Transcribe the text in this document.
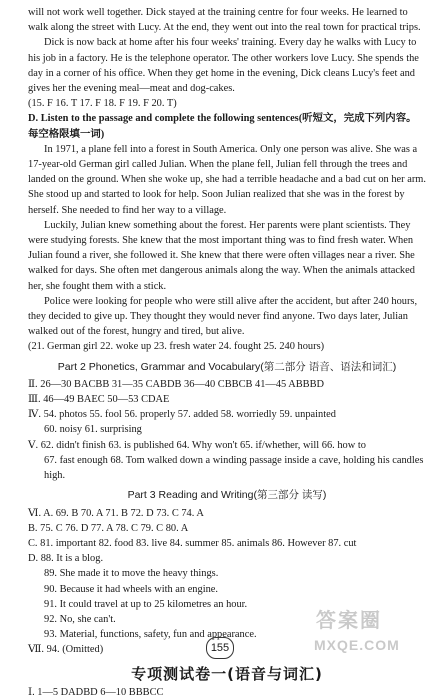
will not work well together. Dick stayed at the training centre for four weeks. He learned to walk along the street with Lucy. At the end, they went out into the real town for practical trips.

Dick is now back at home after his four weeks' training. Every day he walks with Lucy to his job in a factory. He is the telephone operator. The other workers love Lucy. She spends the day in a corner of his office. When they get home in the evening, Dick cleans Lucy's feet and gives her the evening meal—meat and dog-cakes.

(15. F 16. T 17. F 18. F 19. F 20. T)

D. Listen to the passage and complete the following sentences(听短文，完成下列内容。每空格限填一词)

In 1971, a plane fell into a forest in South America. Only one person was alive. She was a 17-year-old German girl called Julian. When the plane fell, Julian fell through the trees and landed on the ground. When she woke up, she had a terrible headache and a bad cut on her arm. She stood up and started to look for help. Soon Julian realized that she was in the forest by herself. She needed to find her way to a village.

Luckily, Julian knew something about the forest. Her parents were plant scientists. They were studying forests. She knew that the most important thing was to find fresh water. When Julian found a river, she followed it. She knew that there were often villages near a river. She walked for days. She often met dangerous animals along the way. When the animals attacked her, she fought them with a stick.

Police were looking for people who were still alive after the accident, but after 240 hours, they decided to give up. They thought they would never find anyone. Two days later, Julian walked out of the forest, hungry and tired, but alive.

(21. German girl 22. woke up 23. fresh water 24. fought 25. 240 hours)

Part 2 Phonetics, Grammar and Vocabulary(第二部分 语音、语法和词汇)

Ⅱ. 26—30 BACBB 31—35 CABDB 36—40 CBBCB 41—45 ABBBD

Ⅲ. 46—49 BAEC 50—53 CDAE

Ⅳ. 54. photos 55. fool 56. properly 57. added 58. worriedly 59. unpainted

60. noisy 61. surprising

Ⅴ. 62. didn't finish 63. is published 64. Why won't 65. if/whether, will 66. how to

67. fast enough 68. Tom walked down a winding passage inside a cave, holding his candles high.

Part 3 Reading and Writing(第三部分 读写)

Ⅵ. A. 69. B 70. A 71. B 72. D 73. C 74. A

B. 75. C 76. D 77. A 78. C 79. C 80. A

C. 81. important 82. food 83. live 84. summer 85. animals 86. However 87. cut

D. 88. It is a blog.

89. She made it to move the heavy things.

90. Because it had wheels with an engine.

91. It could travel at up to 25 kilometres an hour.

92. No, she can't.

93. Material, functions, safety, fun and appearance.

Ⅶ. 94. (Omitted)

专项测试卷一(语音与词汇)

Ⅰ. 1—5 DADBD 6—10 BBBCC

155
答案圈
MXQE.COM
